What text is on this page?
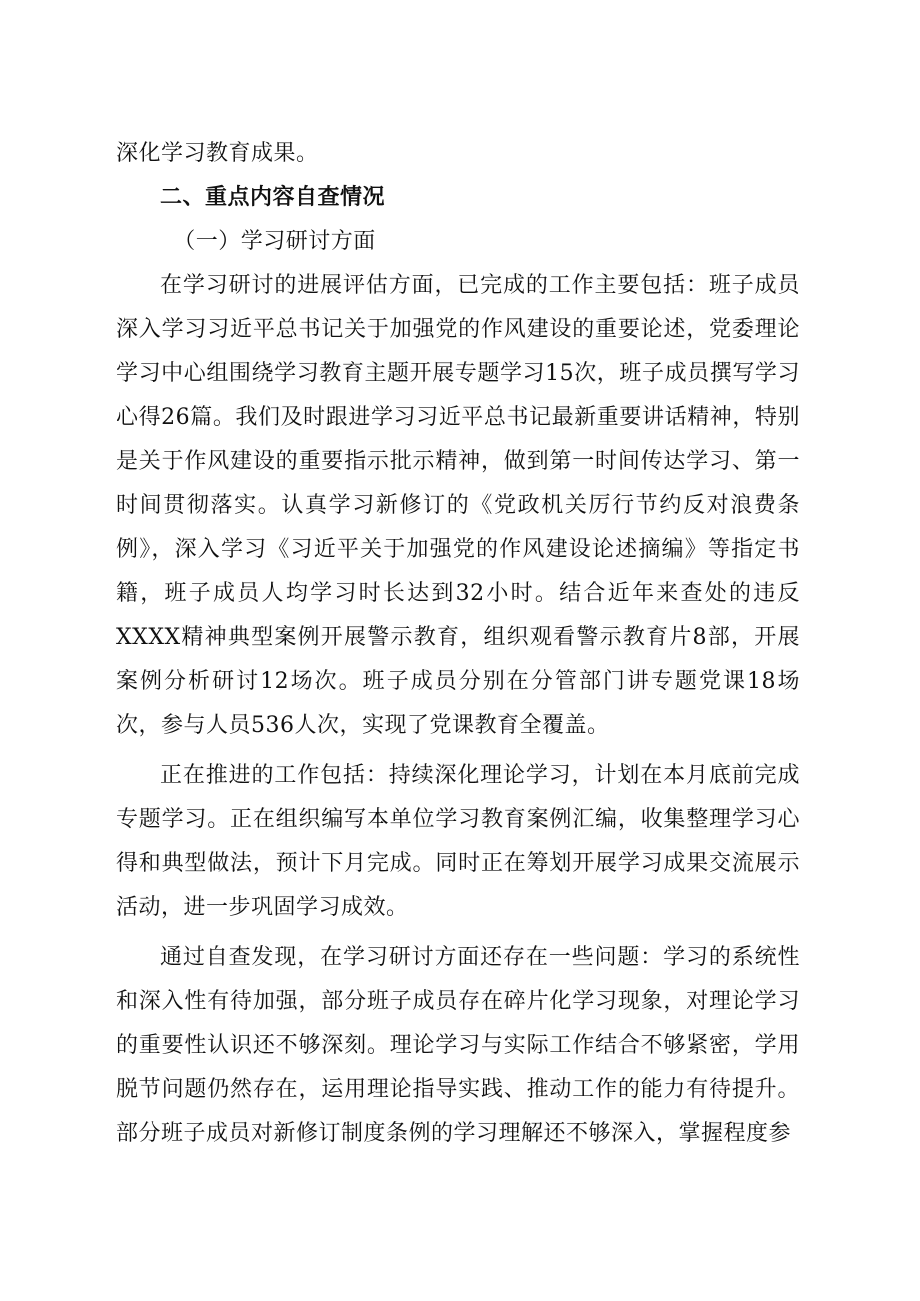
深化学习教育成果。

二、重点内容自查情况

（一）学习研讨方面

在学习研讨的进展评估方面，已完成的工作主要包括：班子成员深入学习习近平总书记关于加强党的作风建设的重要论述，党委理论学习中心组围绕学习教育主题开展专题学习15次，班子成员撰写学习心得26篇。我们及时跟进学习习近平总书记最新重要讲话精神，特别是关于作风建设的重要指示批示精神，做到第一时间传达学习、第一时间贯彻落实。认真学习新修订的《党政机关厉行节约反对浪费条例》，深入学习《习近平关于加强党的作风建设论述摘编》等指定书籍，班子成员人均学习时长达到32小时。结合近年来查处的违反XXXX精神典型案例开展警示教育，组织观看警示教育片8部，开展案例分析研讨12场次。班子成员分别在分管部门讲专题党课18场次，参与人员536人次，实现了党课教育全覆盖。

正在推进的工作包括：持续深化理论学习，计划在本月底前完成专题学习。正在组织编写本单位学习教育案例汇编，收集整理学习心得和典型做法，预计下月完成。同时正在筹划开展学习成果交流展示活动，进一步巩固学习成效。

通过自查发现，在学习研讨方面还存在一些问题：学习的系统性和深入性有待加强，部分班子成员存在碎片化学习现象，对理论学习的重要性认识还不够深刻。理论学习与实际工作结合不够紧密，学用脱节问题仍然存在，运用理论指导实践、推动工作的能力有待提升。部分班子成员对新修订制度条例的学习理解还不够深入，掌握程度参
